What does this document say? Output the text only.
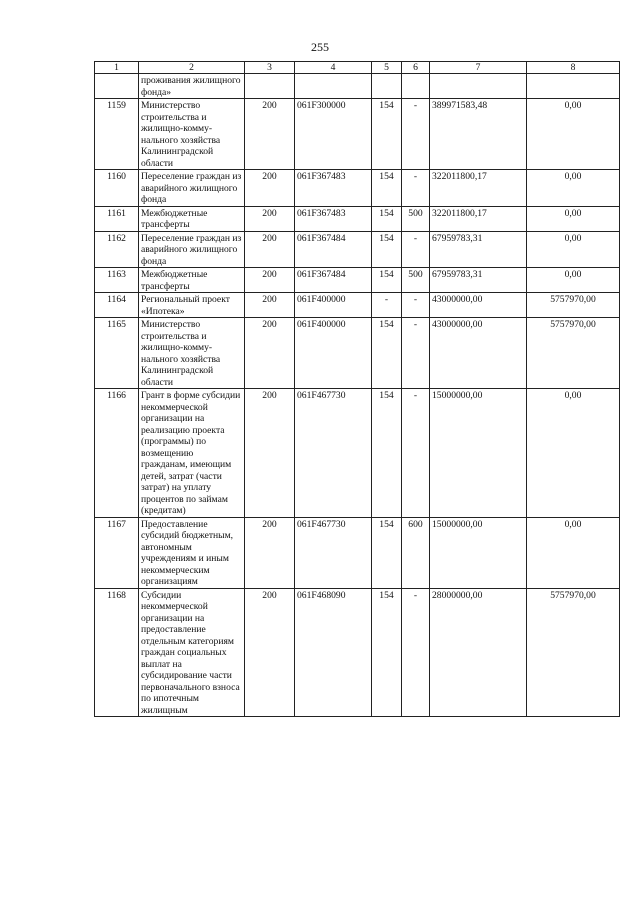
255
1	2	3	4	5	6	7	8
	проживания жилищного фонда»						
1159	Министерство строительства и жилищно-комму-нального хозяйства Калининградской области	200	061F300000	154	-	389971583,48	0,00
1160	Переселение граждан из аварийного жилищного фонда	200	061F367483	154	-	322011800,17	0,00
1161	Межбюджетные трансферты	200	061F367483	154	500	322011800,17	0,00
1162	Переселение граждан из аварийного жилищного фонда	200	061F367484	154	-	67959783,31	0,00
1163	Межбюджетные трансферты	200	061F367484	154	500	67959783,31	0,00
1164	Региональный проект «Ипотека»	200	061F400000	-	-	43000000,00	5757970,00
1165	Министерство строительства и жилищно-комму-нального хозяйства Калининградской области	200	061F400000	154	-	43000000,00	5757970,00
1166	Грант в форме субсидии некоммерческой организации на реализацию проекта (программы) по возмещению гражданам, имеющим детей, затрат (части затрат) на уплату процентов по займам (кредитам)	200	061F467730	154	-	15000000,00	0,00
1167	Предоставление субсидий бюджетным, автономным учреждениям и иным некоммерческим организациям	200	061F467730	154	600	15000000,00	0,00
1168	Субсидии некоммерческой организации на предоставление отдельным категориям граждан социальных выплат на субсидирование части первоначального взноса по ипотечным жилищным	200	061F468090	154	-	28000000,00	5757970,00
